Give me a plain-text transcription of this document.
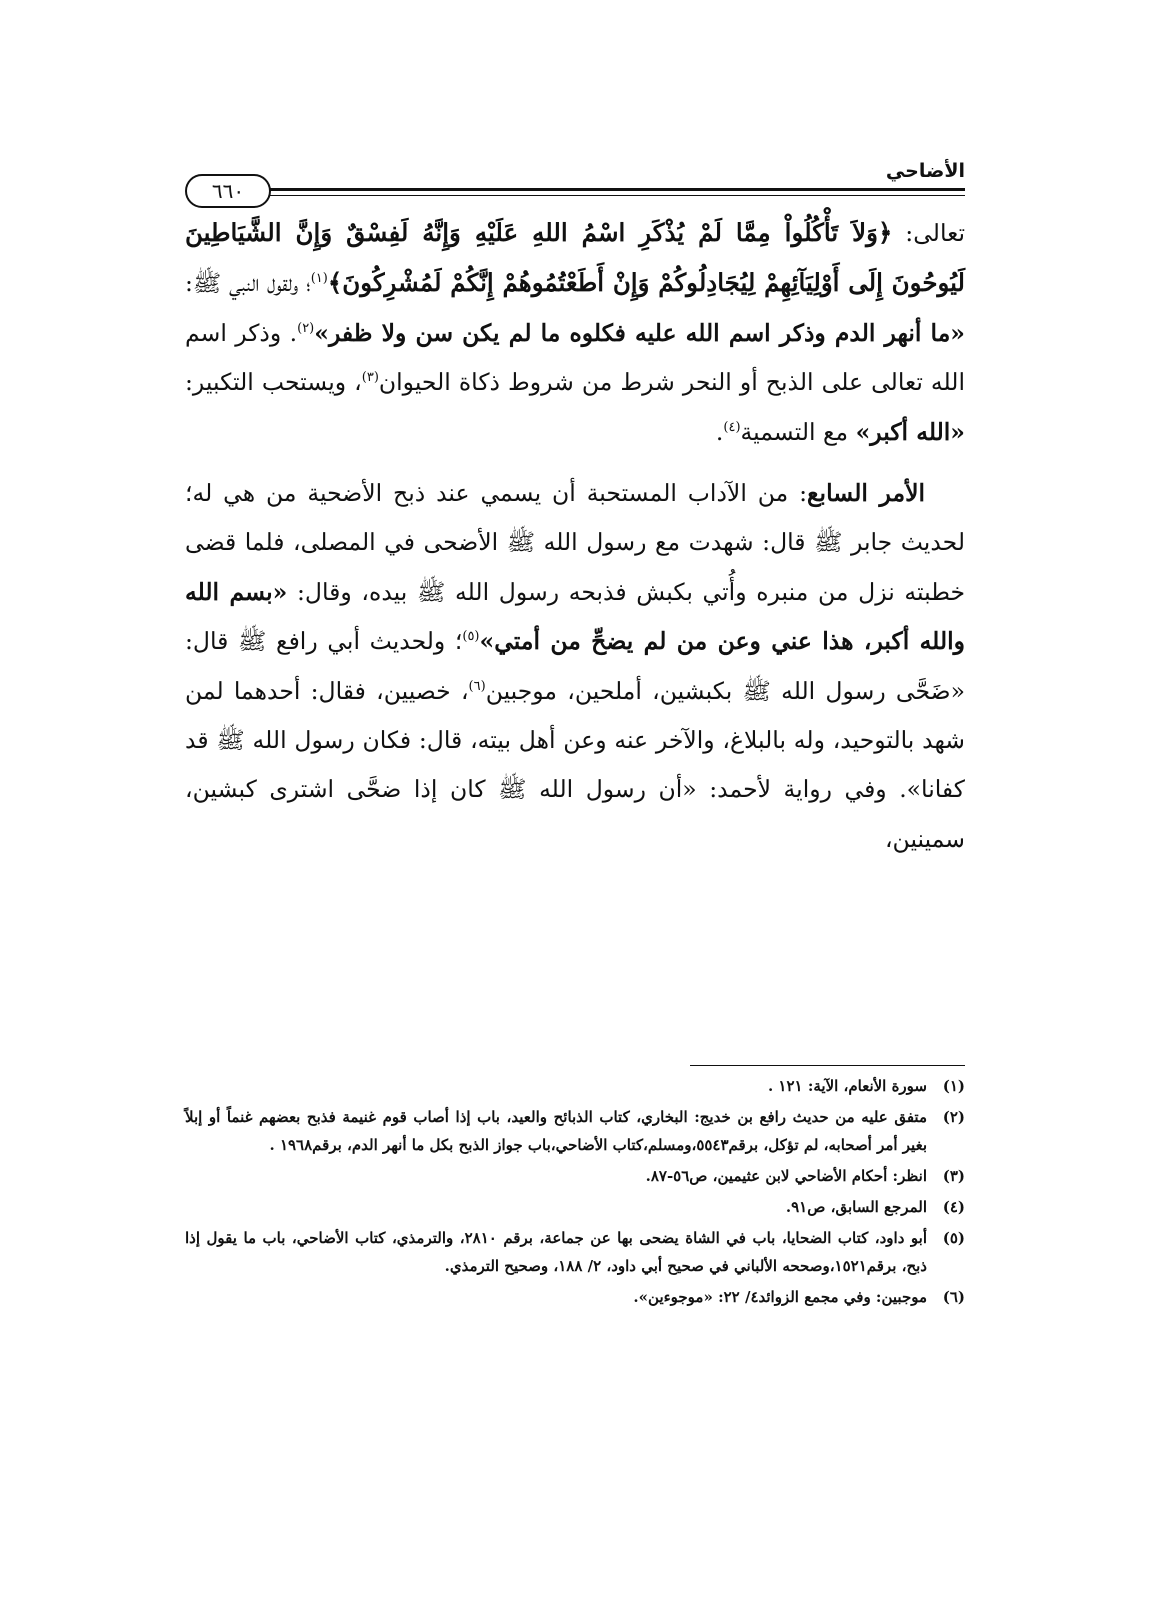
الأضاحي
٦٦٠

تعالى: ﴿وَلاَ تَأْكُلُواْ مِمَّا لَمْ يُذْكَرِ اسْمُ اللهِ عَلَيْهِ وَإِنَّهُ لَفِسْقٌ وَإِنَّ الشَّيَاطِينَ لَيُوحُونَ إِلَى أَوْلِيَآئِهِمْ لِيُجَادِلُوكُمْ وَإِنْ أَطَعْتُمُوهُمْ إِنَّكُمْ لَمُشْرِكُونَ﴾$^{(١)}$؛ ولقول النبي ﷺ: «ما أنهر الدم وذكر اسم الله عليه فكلوه ما لم يكن سن ولا ظفر»$^{(٢)}$. وذكر اسم الله تعالى على الذبح أو النحر شرط من شروط ذكاة الحيوان$^{(٣)}$، ويستحب التكبير: «الله أكبر» مع التسمية$^{(٤)}$.

الأمر السابع: من الآداب المستحبة أن يسمي عند ذبح الأضحية من هي له؛ لحديث جابر ﷺ قال: شهدت مع رسول الله ﷺ الأضحى في المصلى، فلما قضى خطبته نزل من منبره وأُتي بكبش فذبحه رسول الله ﷺ بيده، وقال: «بسم الله والله أكبر، هذا عني وعن من لم يضحِّ من أمتي»$^{(٥)}$؛ ولحديث أبي رافع ﷺ قال: «ضَحَّى رسول الله ﷺ بكبشين، أملحين، موجبين$^{(٦)}$، خصيين، فقال: أحدهما لمن شهد بالتوحيد، وله بالبلاغ، والآخر عنه وعن أهل بيته، قال: فكان رسول الله ﷺ قد كفانا». وفي رواية لأحمد: «أن رسول الله ﷺ كان إذا ضحَّى اشترى كبشين، سمينين،

(١)
سورة الأنعام، الآية: ١٢١ .
(٢)
متفق عليه من حديث رافع بن خديج: البخاري، كتاب الذبائح والعيد، باب إذا أصاب قوم غنيمة فذبح بعضهم غنماً أو إبلاً بغير أمر أصحابه، لم تؤكل، برقم٥٥٤٣،ومسلم،كتاب الأضاحي،باب جواز الذبح بكل ما أنهر الدم، برقم١٩٦٨ .
(٣)
انظر: أحكام الأضاحي لابن عثيمين، ص٥٦-٨٧.
(٤)
المرجع السابق، ص٩١.
(٥)
أبو داود، كتاب الضحايا، باب في الشاة يضحى بها عن جماعة، برقم ٢٨١٠، والترمذي، كتاب الأضاحي، باب ما يقول إذا ذبح، برقم١٥٢١،وصححه الألباني في صحيح أبي داود، ٢/ ١٨٨، وصحيح الترمذي.
(٦)
موجبين: وفي مجمع الزوائد٤/ ٢٢: «موجوءين».
